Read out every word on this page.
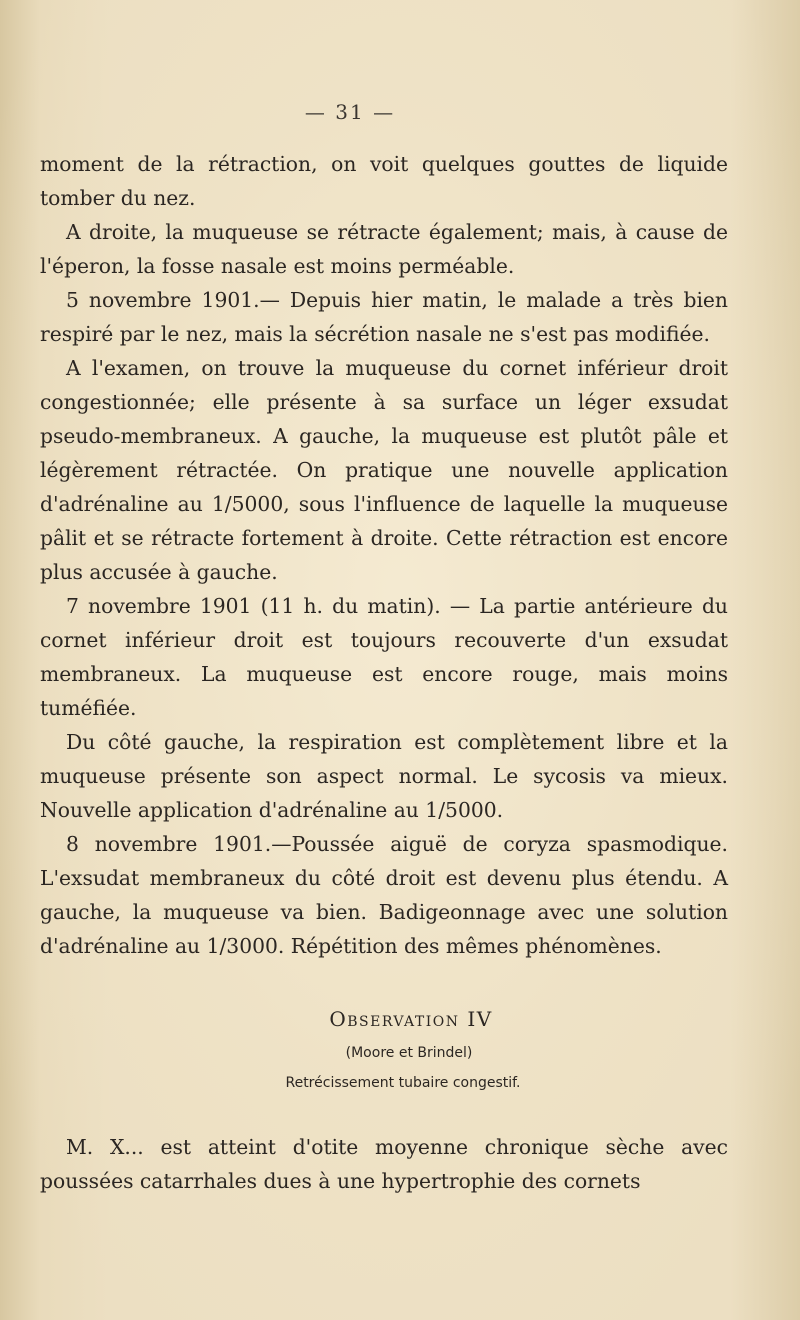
— 31 —

moment de la rétraction, on voit quelques gouttes de liquide tomber du nez.

A droite, la muqueuse se rétracte également; mais, à cause de l'éperon, la fosse nasale est moins perméable.

5 novembre 1901.— Depuis hier matin, le malade a très bien respiré par le nez, mais la sécrétion nasale ne s'est pas modifiée.

A l'examen, on trouve la muqueuse du cornet inférieur droit congestionnée; elle présente à sa surface un léger exsudat pseudo-membraneux. A gauche, la muqueuse est plutôt pâle et légèrement rétractée. On pratique une nouvelle application d'adrénaline au 1/5000, sous l'influence de laquelle la muqueuse pâlit et se rétracte fortement à droite. Cette rétraction est encore plus accusée à gauche.

7 novembre 1901 (11 h. du matin). — La partie antérieure du cornet inférieur droit est toujours recouverte d'un exsudat membraneux. La muqueuse est encore rouge, mais moins tuméfiée.

Du côté gauche, la respiration est complètement libre et la muqueuse présente son aspect normal. Le sycosis va mieux. Nouvelle application d'adrénaline au 1/5000.

8 novembre 1901.—Poussée aiguë de coryza spasmodique. L'exsudat membraneux du côté droit est devenu plus étendu. A gauche, la muqueuse va bien. Badigeonnage avec une solution d'adrénaline au 1/3000. Répétition des mêmes phénomènes.

Observation IV
(Moore et Brindel)
Retrécissement tubaire congestif.

M. X... est atteint d'otite moyenne chronique sèche avec poussées catarrhales dues à une hypertrophie des cornets
